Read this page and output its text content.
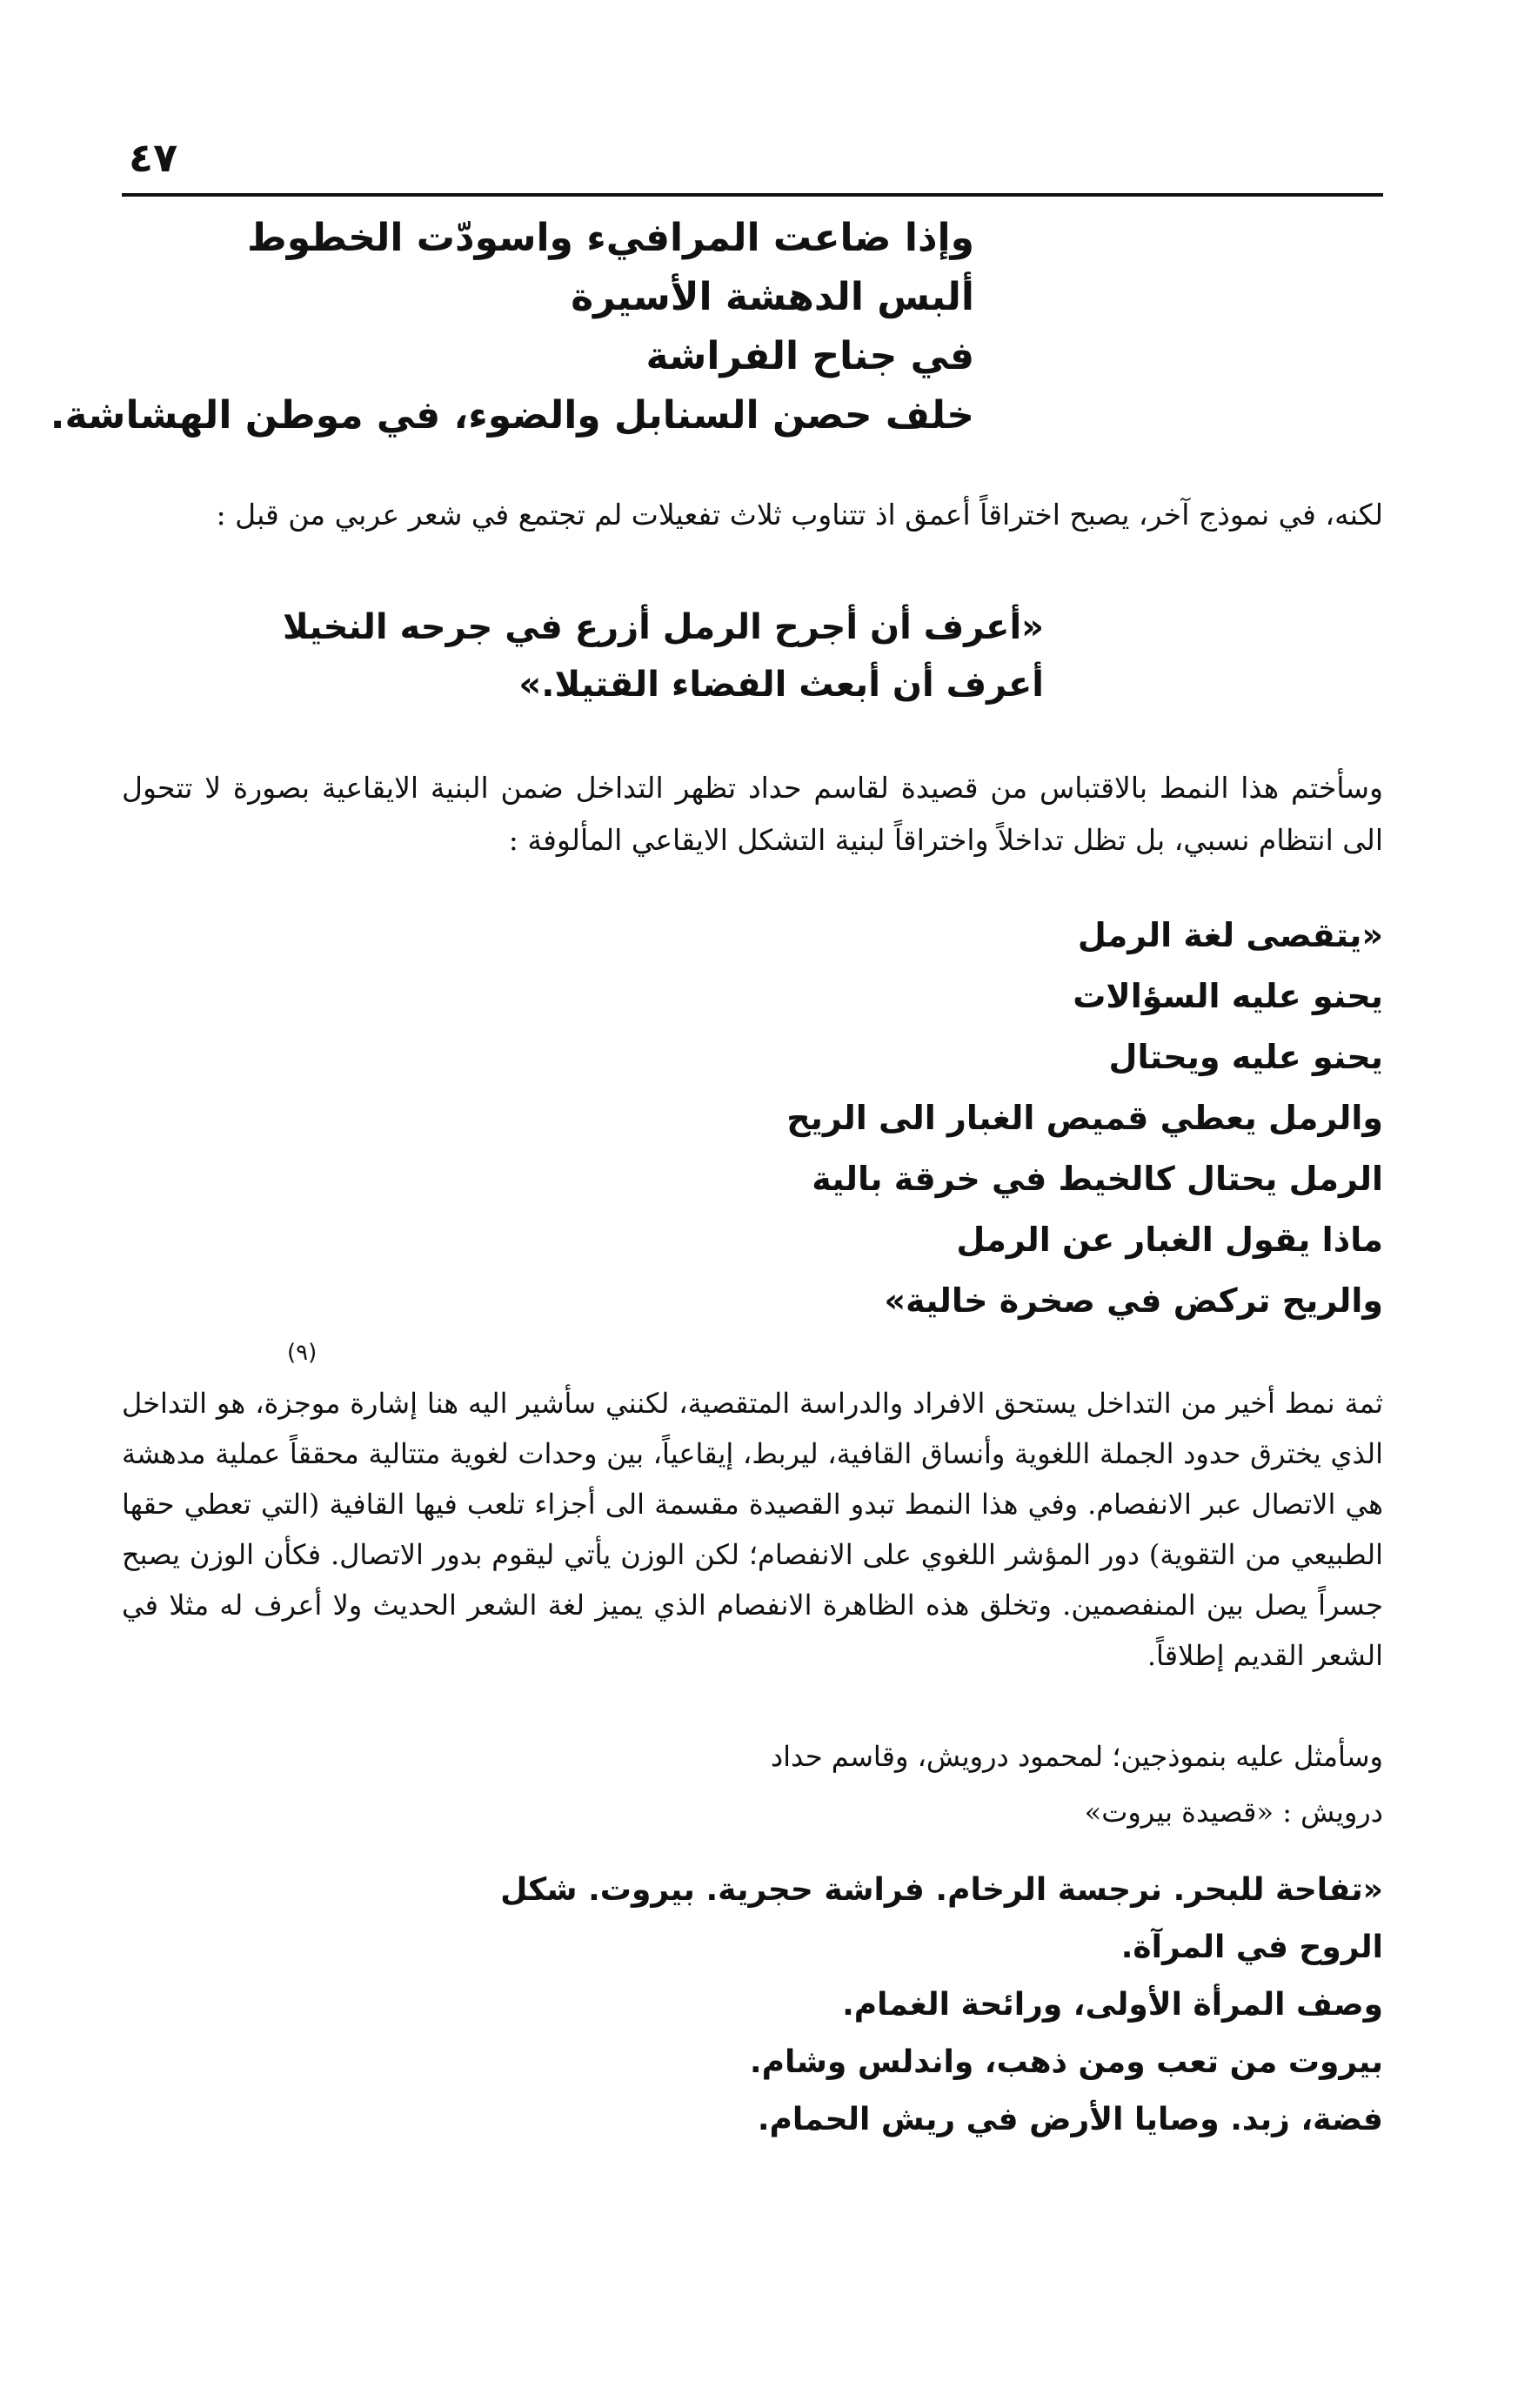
٤٧
وإذا ضاعت المرافيء واسودّت الخطوط
ألبس الدهشة الأسيرة
في جناح الفراشة
خلف حصن السنابل والضوء، في موطن الهشاشة.

لكنه، في نموذج آخر، يصبح اختراقاً أعمق اذ تتناوب ثلاث تفعيلات لم تجتمع في شعر عربي من قبل :

«أعرف أن أجرح الرمل أزرع في جرحه النخيلا
أعرف أن أبعث الفضاء القتيلا.»

وسأختم هذا النمط بالاقتباس من قصيدة لقاسم حداد تظهر التداخل ضمن البنية الايقاعية بصورة لا تتحول الى انتظام نسبي، بل تظل تداخلاً واختراقاً لبنية التشكل الايقاعي المألوفة :

«يتقصى لغة الرمل
يحنو عليه السؤالات
يحنو عليه ويحتال
والرمل يعطي قميص الغبار الى الريح
الرمل يحتال كالخيط في خرقة بالية
ماذا يقول الغبار عن الرمل
والريح تركض في صخرة خالية»
(٩)

ثمة نمط أخير من التداخل يستحق الافراد والدراسة المتقصية، لكنني سأشير اليه هنا إشارة موجزة، هو التداخل الذي يخترق حدود الجملة اللغوية وأنساق القافية، ليربط، إيقاعياً، بين وحدات لغوية متتالية محققاً عملية مدهشة هي الاتصال عبر الانفصام. وفي هذا النمط تبدو القصيدة مقسمة الى أجزاء تلعب فيها القافية (التي تعطي حقها الطبيعي من التقوية) دور المؤشر اللغوي على الانفصام؛ لكن الوزن يأتي ليقوم بدور الاتصال. فكأن الوزن يصبح جسراً يصل بين المنفصمين. وتخلق هذه الظاهرة الانفصام الذي يميز لغة الشعر الحديث ولا أعرف له مثلا في الشعر القديم إطلاقاً.

وسأمثل عليه بنموذجين؛ لمحمود درويش، وقاسم حداد

درويش : «قصيدة بيروت»

«تفاحة للبحر. نرجسة الرخام. فراشة حجرية. بيروت. شكل
الروح في المرآة.
وصف المرأة الأولى، ورائحة الغمام.
بيروت من تعب ومن ذهب، واندلس وشام.
فضة، زبد. وصايا الأرض في ريش الحمام.
